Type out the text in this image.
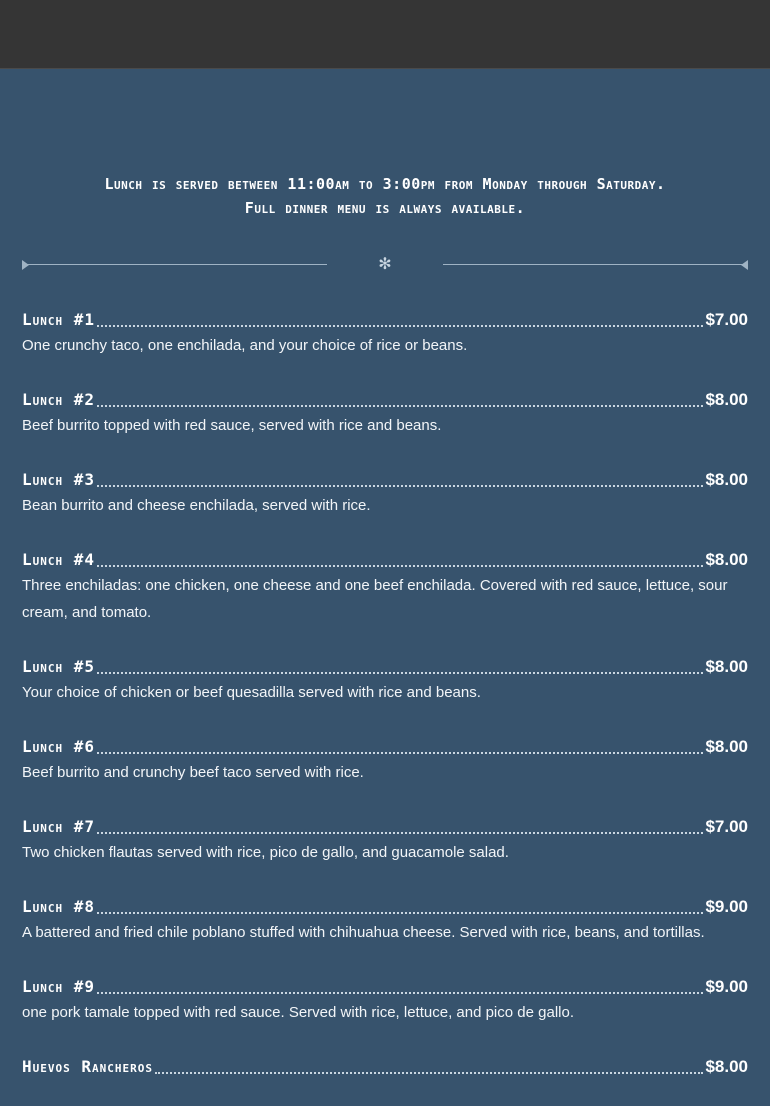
Lunch is served between 11:00am to 3:00pm from Monday through Saturday.
Full dinner menu is always available.
✻
Lunch #1	$7.00
One crunchy taco, one enchilada, and your choice of rice or beans.
Lunch #2	$8.00
Beef burrito topped with red sauce, served with rice and beans.
Lunch #3	$8.00
Bean burrito and cheese enchilada, served with rice.
Lunch #4	$8.00
Three enchiladas: one chicken, one cheese and one beef enchilada. Covered with red sauce, lettuce, sour cream, and tomato.
Lunch #5	$8.00
Your choice of chicken or beef quesadilla served with rice and beans.
Lunch #6	$8.00
Beef burrito and crunchy beef taco served with rice.
Lunch #7	$7.00
Two chicken flautas served with rice, pico de gallo, and guacamole salad.
Lunch #8	$9.00
A battered and fried chile poblano stuffed with chihuahua cheese. Served with rice, beans, and tortillas.
Lunch #9	$9.00
one pork tamale topped with red sauce. Served with rice, lettuce, and pico de gallo.
Huevos Rancheros	$8.00
